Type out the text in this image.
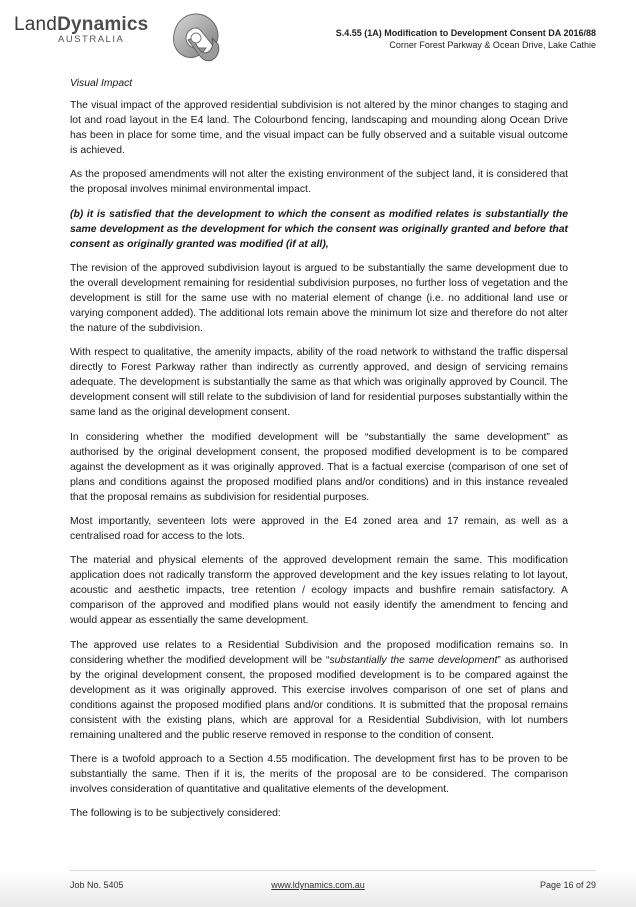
LandDynamics
AUSTRALIA
S.4.55 (1A) Modification to Development Consent DA 2016/88
Corner Forest Parkway & Ocean Drive, Lake Cathie

Visual Impact

The visual impact of the approved residential subdivision is not altered by the minor changes to staging and lot and road layout in the E4 land. The Colourbond fencing, landscaping and mounding along Ocean Drive has been in place for some time, and the visual impact can be fully observed and a suitable visual outcome is achieved.

As the proposed amendments will not alter the existing environment of the subject land, it is considered that the proposal involves minimal environmental impact.

(b) it is satisfied that the development to which the consent as modified relates is substantially the same development as the development for which the consent was originally granted and before that consent as originally granted was modified (if at all),

The revision of the approved subdivision layout is argued to be substantially the same development due to the overall development remaining for residential subdivision purposes, no further loss of vegetation and the development is still for the same use with no material element of change (i.e. no additional land use or varying component added). The additional lots remain above the minimum lot size and therefore do not alter the nature of the subdivision.

With respect to qualitative, the amenity impacts, ability of the road network to withstand the traffic dispersal directly to Forest Parkway rather than indirectly as currently approved, and design of servicing remains adequate. The development is substantially the same as that which was originally approved by Council. The development consent will still relate to the subdivision of land for residential purposes substantially within the same land as the original development consent.

In considering whether the modified development will be “substantially the same development” as authorised by the original development consent, the proposed modified development is to be compared against the development as it was originally approved. That is a factual exercise (comparison of one set of plans and conditions against the proposed modified plans and/or conditions) and in this instance revealed that the proposal remains as subdivision for residential purposes.

Most importantly, seventeen lots were approved in the E4 zoned area and 17 remain, as well as a centralised road for access to the lots.

The material and physical elements of the approved development remain the same. This modification application does not radically transform the approved development and the key issues relating to lot layout, acoustic and aesthetic impacts, tree retention / ecology impacts and bushfire remain satisfactory. A comparison of the approved and modified plans would not easily identify the amendment to fencing and would appear as essentially the same development.

The approved use relates to a Residential Subdivision and the proposed modification remains so. In considering whether the modified development will be “substantially the same development” as authorised by the original development consent, the proposed modified development is to be compared against the development as it was originally approved. This exercise involves comparison of one set of plans and conditions against the proposed modified plans and/or conditions. It is submitted that the proposal remains consistent with the existing plans, which are approval for a Residential Subdivision, with lot numbers remaining unaltered and the public reserve removed in response to the condition of consent.

There is a twofold approach to a Section 4.55 modification. The development first has to be proven to be substantially the same. Then if it is, the merits of the proposal are to be considered. The comparison involves consideration of quantitative and qualitative elements of the development.

The following is to be subjectively considered:

Job No. 5405	www.ldynamics.com.au	Page 16 of 29
